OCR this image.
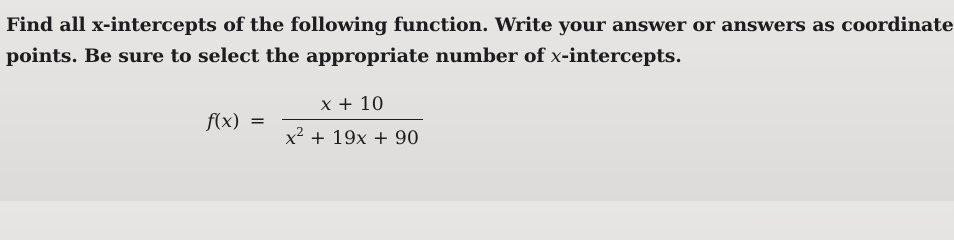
Find all x-intercepts of the following function. Write your answer or answers as coordinate
points. Be sure to select the appropriate number of x-intercepts.
$f(x) = \frac{x + 10}{x^2 + 19x + 90}$
